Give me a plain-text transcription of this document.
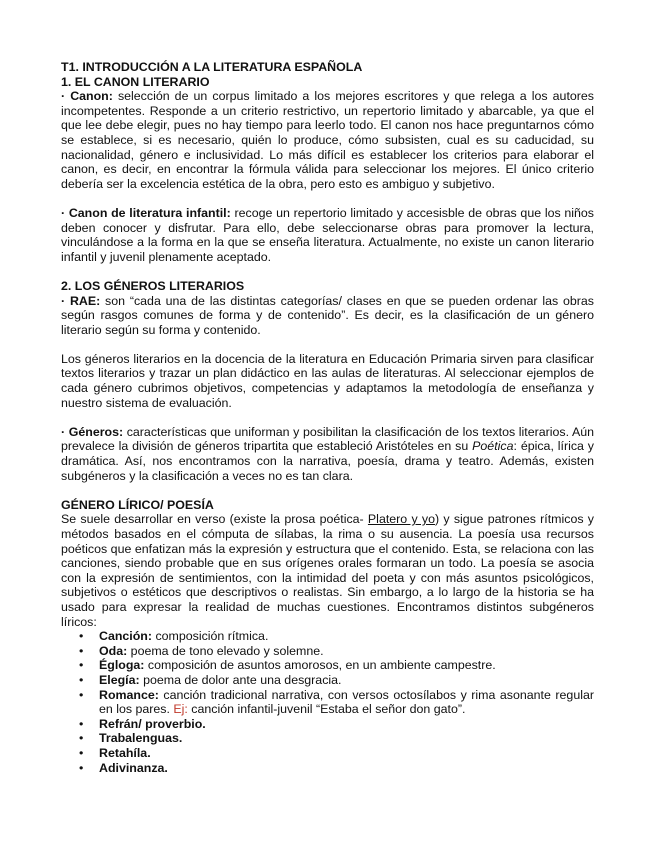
T1. INTRODUCCIÓN A LA LITERATURA ESPAÑOLA
1. EL CANON LITERARIO

· Canon: selección de un corpus limitado a los mejores escritores y que relega a los autores incompetentes. Responde a un criterio restrictivo, un repertorio limitado y abarcable, ya que el que lee debe elegir, pues no hay tiempo para leerlo todo. El canon nos hace preguntarnos cómo se establece, si es necesario, quién lo produce, cómo subsisten, cual es su caducidad, su nacionalidad, género e inclusividad. Lo más difícil es establecer los criterios para elaborar el canon, es decir, en encontrar la fórmula válida para seleccionar los mejores. El único criterio debería ser la excelencia estética de la obra, pero esto es ambiguo y subjetivo.

· Canon de literatura infantil: recoge un repertorio limitado y accesisble de obras que los niños deben conocer y disfrutar. Para ello, debe seleccionarse obras para promover la lectura, vinculándose a la forma en la que se enseña literatura. Actualmente, no existe un canon literario infantil y juvenil plenamente aceptado.

2. LOS GÉNEROS LITERARIOS

· RAE: son “cada una de las distintas categorías/ clases en que se pueden ordenar las obras según rasgos comunes de forma y de contenido”. Es decir, es la clasificación de un género literario según su forma y contenido.

Los géneros literarios en la docencia de la literatura en Educación Primaria sirven para clasificar textos literarios y trazar un plan didáctico en las aulas de literaturas. Al seleccionar ejemplos de cada género cubrimos objetivos, competencias y adaptamos la metodología de enseñanza y nuestro sistema de evaluación.

· Géneros: características que uniforman y posibilitan la clasificación de los textos literarios. Aún prevalece la división de géneros tripartita que estableció Aristóteles en su Poética: épica, lírica y dramática. Así, nos encontramos con la narrativa, poesía, drama y teatro. Además, existen subgéneros y la clasificación a veces no es tan clara.

GÉNERO LÍRICO/ POESÍA

Se suele desarrollar en verso (existe la prosa poética- Platero y yo) y sigue patrones rítmicos y métodos basados en el cómputa de sílabas, la rima o su ausencia. La poesía usa recursos poéticos que enfatizan más la expresión y estructura que el contenido. Esta, se relaciona con las canciones, siendo probable que en sus orígenes orales formaran un todo. La poesía se asocia con la expresión de sentimientos, con la intimidad del poeta y con más asuntos psicológicos, subjetivos o estéticos que descriptivos o realistas. Sin embargo, a lo largo de la historia se ha usado para expresar la realidad de muchas cuestiones. Encontramos distintos subgéneros líricos:

• Canción: composición rítmica.
• Oda: poema de tono elevado y solemne.
• Égloga: composición de asuntos amorosos, en un ambiente campestre.
• Elegía: poema de dolor ante una desgracia.
• Romance: canción tradicional narrativa, con versos octosílabos y rima asonante regular en los pares. Ej: canción infantil-juvenil “Estaba el señor don gato”.
• Refrán/ proverbio.
• Trabalenguas.
• Retahíla.
• Adivinanza.
